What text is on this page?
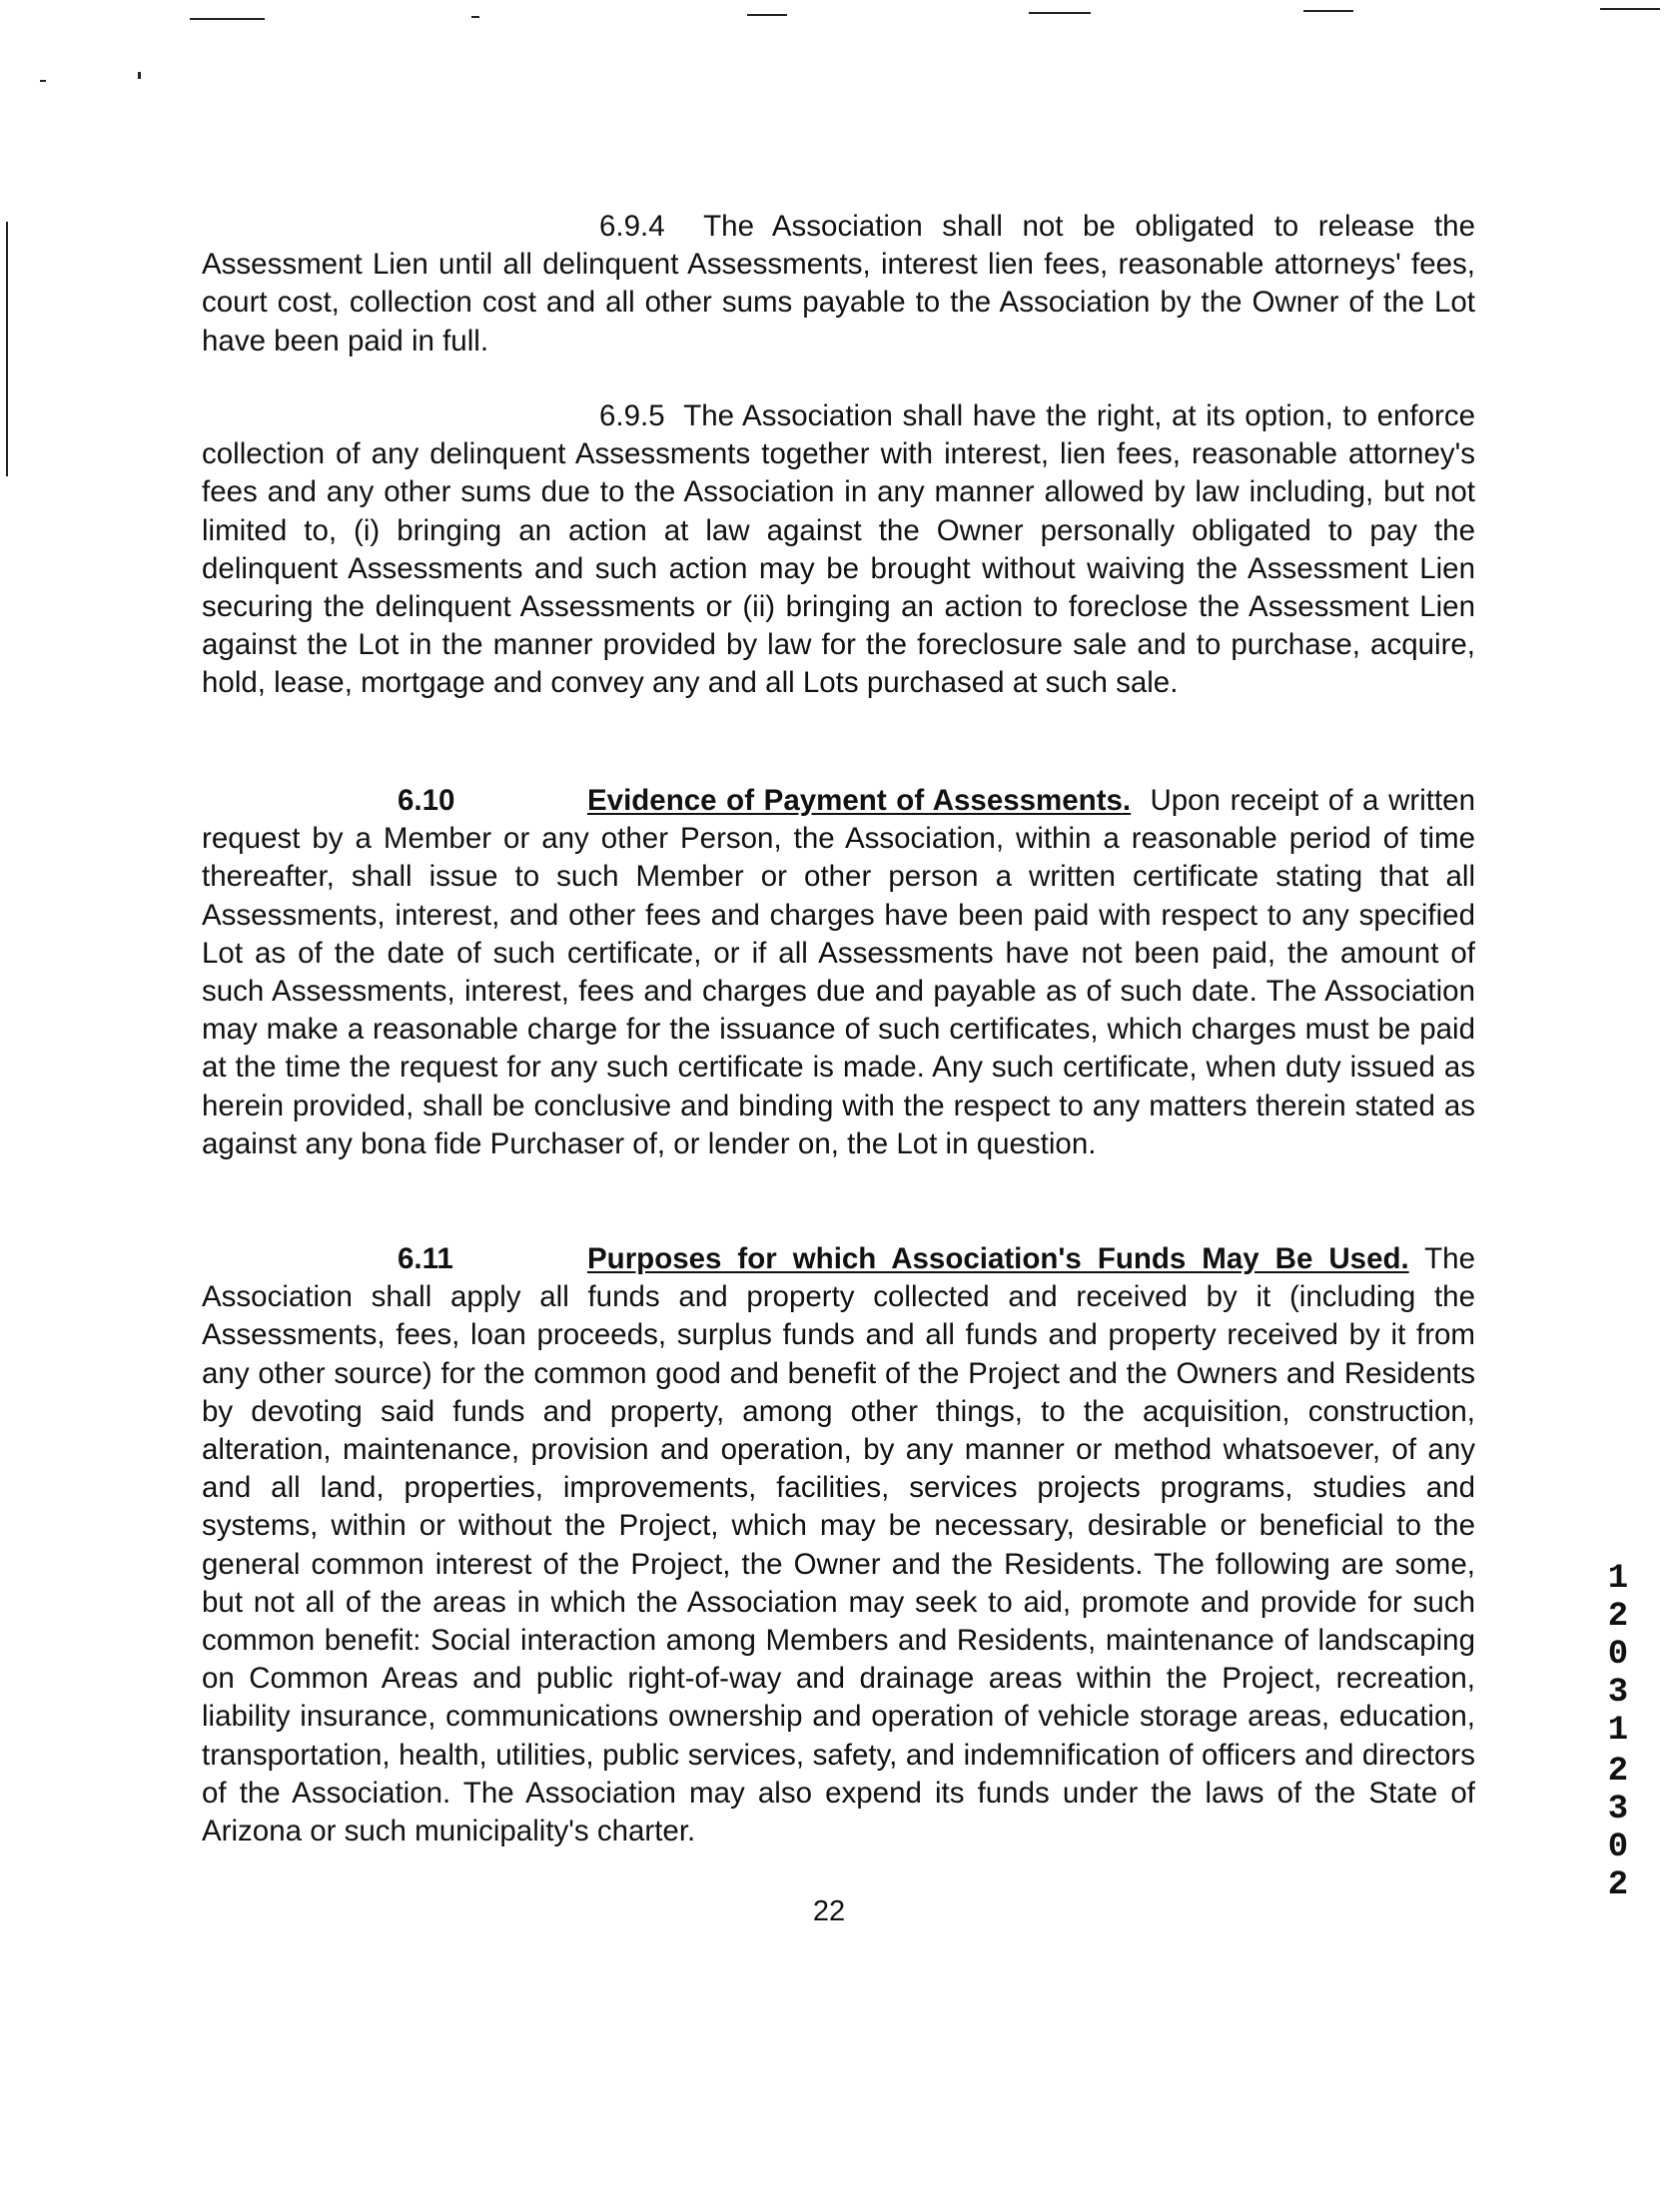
6.9.4 The Association shall not be obligated to release the Assessment Lien until all delinquent Assessments, interest lien fees, reasonable attorneys' fees, court cost, collection cost and all other sums payable to the Association by the Owner of the Lot have been paid in full.

6.9.5 The Association shall have the right, at its option, to enforce collection of any delinquent Assessments together with interest, lien fees, reasonable attorney's fees and any other sums due to the Association in any manner allowed by law including, but not limited to, (i) bringing an action at law against the Owner personally obligated to pay the delinquent Assessments and such action may be brought without waiving the Assessment Lien securing the delinquent Assessments or (ii) bringing an action to foreclose the Assessment Lien against the Lot in the manner provided by law for the foreclosure sale and to purchase, acquire, hold, lease, mortgage and convey any and all Lots purchased at such sale.

6.10	Evidence of Payment of Assessments. Upon receipt of a written request by a Member or any other Person, the Association, within a reasonable period of time thereafter, shall issue to such Member or other person a written certificate stating that all Assessments, interest, and other fees and charges have been paid with respect to any specified Lot as of the date of such certificate, or if all Assessments have not been paid, the amount of such Assessments, interest, fees and charges due and payable as of such date. The Association may make a reasonable charge for the issuance of such certificates, which charges must be paid at the time the request for any such certificate is made. Any such certificate, when duty issued as herein provided, shall be conclusive and binding with the respect to any matters therein stated as against any bona fide Purchaser of, or lender on, the Lot in question.

6.11	Purposes for which Association's Funds May Be Used. The Association shall apply all funds and property collected and received by it (including the Assessments, fees, loan proceeds, surplus funds and all funds and property received by it from any other source) for the common good and benefit of the Project and the Owners and Residents by devoting said funds and property, among other things, to the acquisition, construction, alteration, maintenance, provision and operation, by any manner or method whatsoever, of any and all land, properties, improvements, facilities, services projects programs, studies and systems, within or without the Project, which may be necessary, desirable or beneficial to the general common interest of the Project, the Owner and the Residents. The following are some, but not all of the areas in which the Association may seek to aid, promote and provide for such common benefit: Social interaction among Members and Residents, maintenance of landscaping on Common Areas and public right-of-way and drainage areas within the Project, recreation, liability insurance, communications ownership and operation of vehicle storage areas, education, transportation, health, utilities, public services, safety, and indemnification of officers and directors of the Association. The Association may also expend its funds under the laws of the State of Arizona or such municipality's charter.

22
1
2
0
3
1
2
3
0
2
